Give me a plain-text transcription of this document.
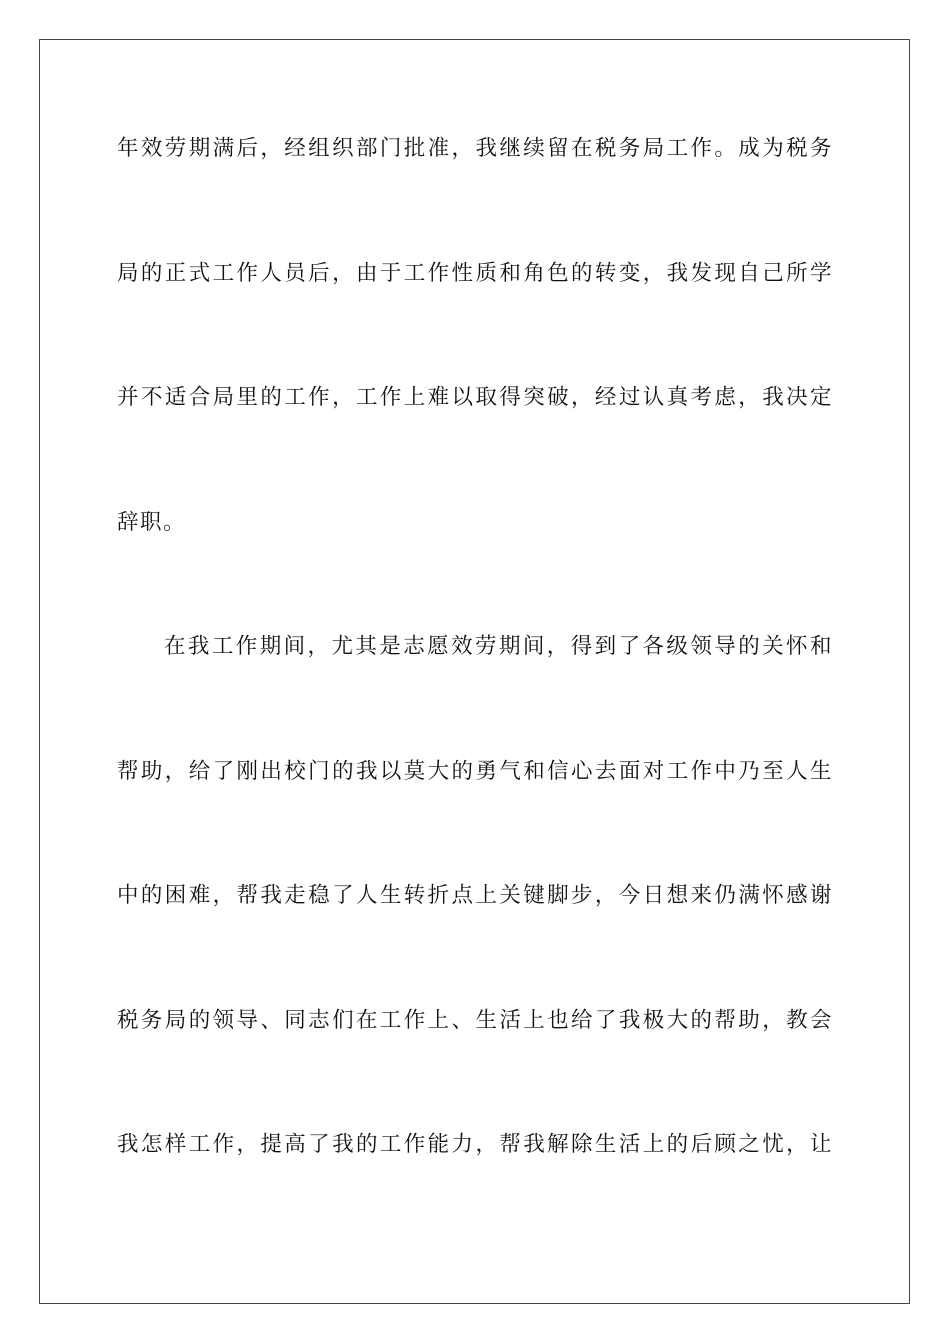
年效劳期满后，经组织部门批准，我继续留在税务局工作。成为税务
局的正式工作人员后，由于工作性质和角色的转变，我发现自己所学
并不适合局里的工作，工作上难以取得突破，经过认真考虑，我决定
辞职。
在我工作期间，尤其是志愿效劳期间，得到了各级领导的关怀和
帮助，给了刚出校门的我以莫大的勇气和信心去面对工作中乃至人生
中的困难，帮我走稳了人生转折点上关键脚步，今日想来仍满怀感谢
税务局的领导、同志们在工作上、生活上也给了我极大的帮助，教会
我怎样工作，提高了我的工作能力，帮我解除生活上的后顾之忧，让
